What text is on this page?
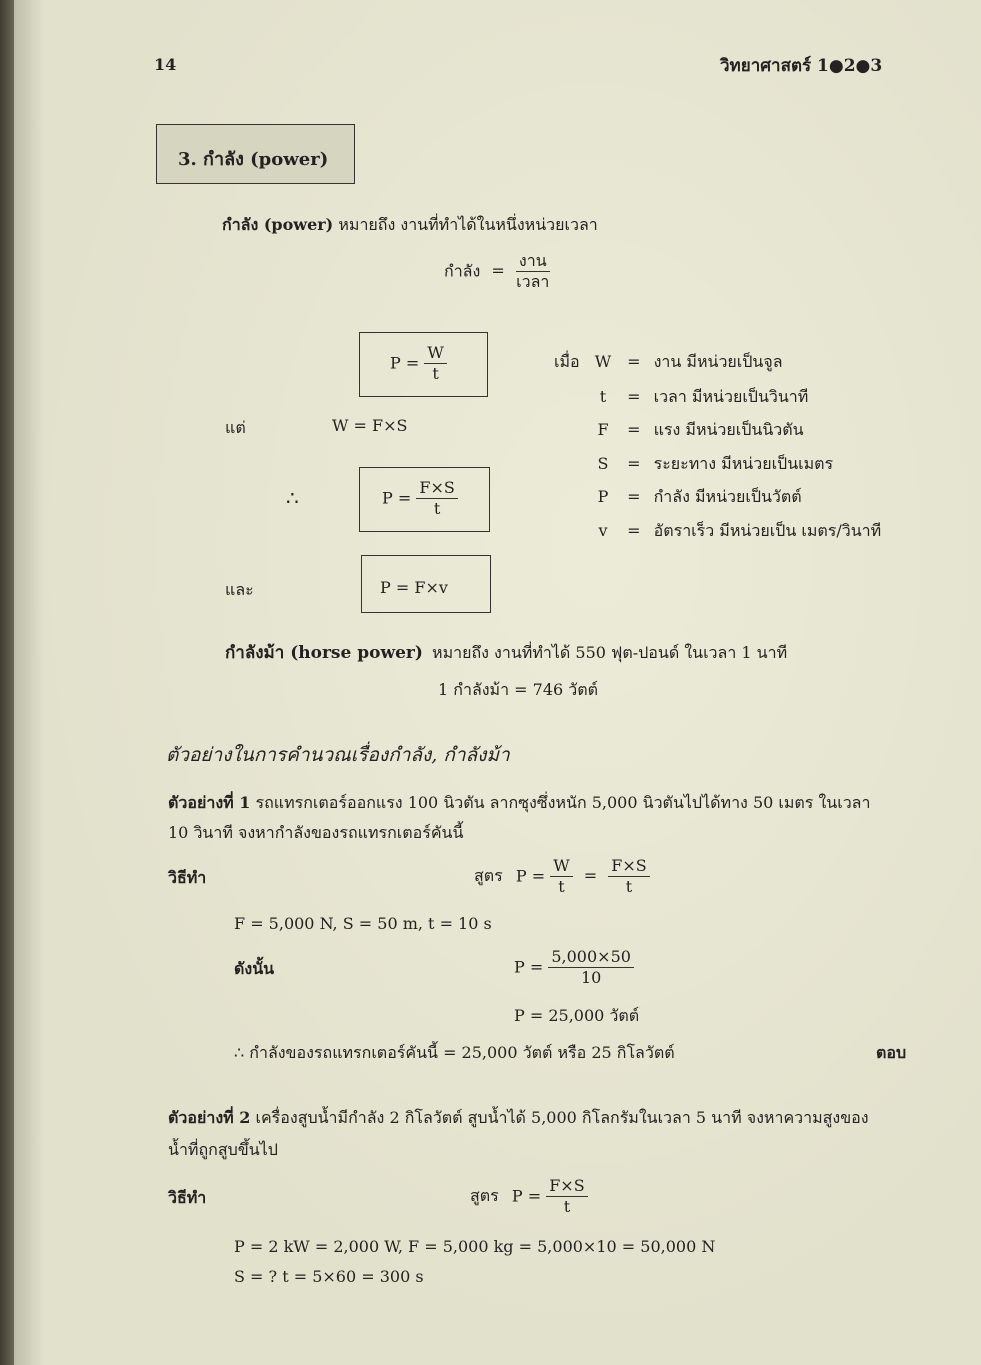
14	วิทยาศาสตร์ 1●2●3
3. กำลัง (power)
กำลัง (power) หมายถึง งานที่ทำได้ในหนึ่งหน่วยเวลา
กำลัง = $\frac{\text{งาน}}{\text{เวลา}}$
$P = \frac{W}{t}$
แต่	W = F×S
∴	$P = \frac{F\times S}{t}$
และ	P = F×v
เมื่อ W = งาน มีหน่วยเป็นจูล
t = เวลา มีหน่วยเป็นวินาที
F = แรง มีหน่วยเป็นนิวตัน
S = ระยะทาง มีหน่วยเป็นเมตร
P = กำลัง มีหน่วยเป็นวัตต์
v = อัตราเร็ว มีหน่วยเป็น เมตร/วินาที
กำลังม้า (horse power) หมายถึง งานที่ทำได้ 550 ฟุต-ปอนด์ ในเวลา 1 นาที
1 กำลังม้า = 746 วัตต์
ตัวอย่างในการคำนวณเรื่องกำลัง, กำลังม้า
ตัวอย่างที่ 1 รถแทรกเตอร์ออกแรง 100 นิวตัน ลากซุงซึ่งหนัก 5,000 นิวตันไปได้ทาง 50 เมตร ในเวลา
10 วินาที จงหากำลังของรถแทรกเตอร์คันนี้
วิธีทำ	สูตร $P = \frac{W}{t} = \frac{F\times S}{t}$
F = 5,000 N, S = 50 m, t = 10 s
ดังนั้น	$P = \frac{5,000\times 50}{10}$
P = 25,000 วัตต์
∴ กำลังของรถแทรกเตอร์คันนี้ = 25,000 วัตต์ หรือ 25 กิโลวัตต์	ตอบ
ตัวอย่างที่ 2 เครื่องสูบน้ำมีกำลัง 2 กิโลวัตต์ สูบน้ำได้ 5,000 กิโลกรัมในเวลา 5 นาที จงหาความสูงของ
น้ำที่ถูกสูบขึ้นไป
วิธีทำ	สูตร $P = \frac{F\times S}{t}$
P = 2 kW = 2,000 W, F = 5,000 kg = 5,000×10 = 50,000 N
S = ? t = 5×60 = 300 s
